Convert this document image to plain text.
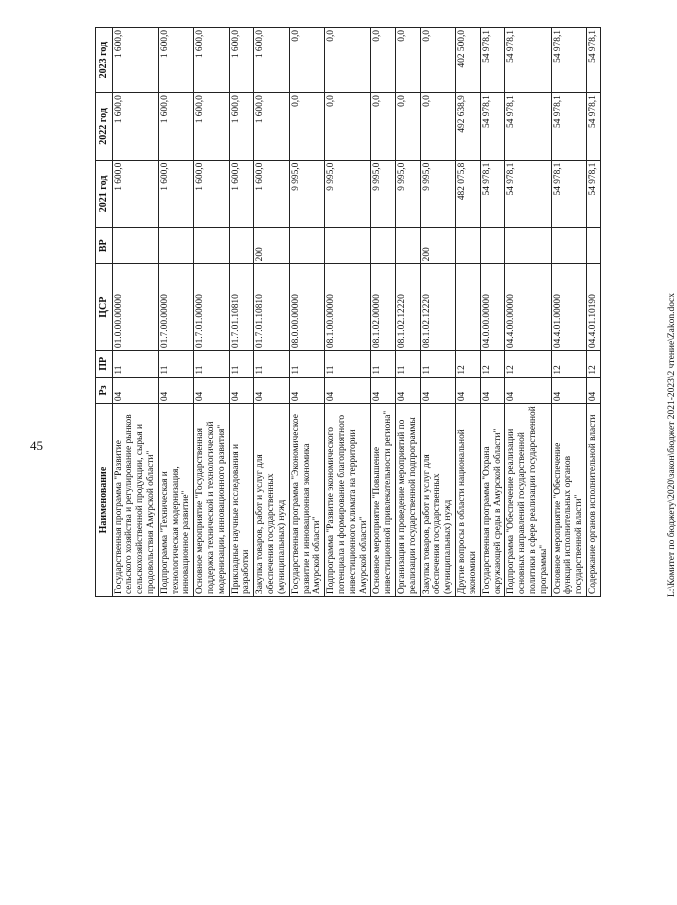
45
Наименование	Рз	ПР	ЦСР	ВР	2021 год	2022 год	2023 год
Государственная программа "Развитие сельского хозяйства и регулирование рынков сельскохозяйственной продукции, сырья и продовольствия Амурской области"	04	11	01.0.00.00000		1 600,0	1 600,0	1 600,0
Подпрограмма "Техническая и технологическая модернизация, инновационное развитие"	04	11	01.7.00.00000		1 600,0	1 600,0	1 600,0
Основное мероприятие "Государственная поддержка технической и технологической модернизации, инновационного развития"	04	11	01.7.01.00000		1 600,0	1 600,0	1 600,0
Прикладные научные исследования и разработки	04	11	01.7.01.10810		1 600,0	1 600,0	1 600,0
Закупка товаров, работ и услуг для обеспечения государственных (муниципальных) нужд	04	11	01.7.01.10810	200	1 600,0	1 600,0	1 600,0
Государственная программа "Экономическое развитие и инновационная экономика Амурской области"	04	11	08.0.00.00000		9 995,0	0,0	0,0
Подпрограмма "Развитие экономического потенциала и формирование благоприятного инвестиционного климата на территории Амурской области"	04	11	08.1.00.00000		9 995,0	0,0	0,0
Основное мероприятие "Повышение инвестиционной привлекательности региона"	04	11	08.1.02.00000		9 995,0	0,0	0,0
Организация и проведение мероприятий по реализации государственной подпрограммы	04	11	08.1.02.12220		9 995,0	0,0	0,0
Закупка товаров, работ и услуг для обеспечения государственных (муниципальных) нужд	04	11	08.1.02.12220	200	9 995,0	0,0	0,0
Другие вопросы в области национальной экономики	04	12			482 075,8	492 638,9	402 500,0
Государственная программа "Охрана окружающей среды в Амурской области"	04	12	04.0.00.00000		54 978,1	54 978,1	54 978,1
Подпрограмма "Обеспечение реализации основных направлений государственной политики в сфере реализации государственной программы"	04	12	04.4.00.00000		54 978,1	54 978,1	54 978,1
Основное мероприятие "Обеспечение функций исполнительных органов государственной власти"	04	12	04.4.01.00000		54 978,1	54 978,1	54 978,1
Содержание органов исполнительной власти	04	12	04.4.01.10190		54 978,1	54 978,1	54 978,1
L:\Комитет по бюджету\2020\закон\бюджет 2021-2023\2 чтение\Zakon.docx
